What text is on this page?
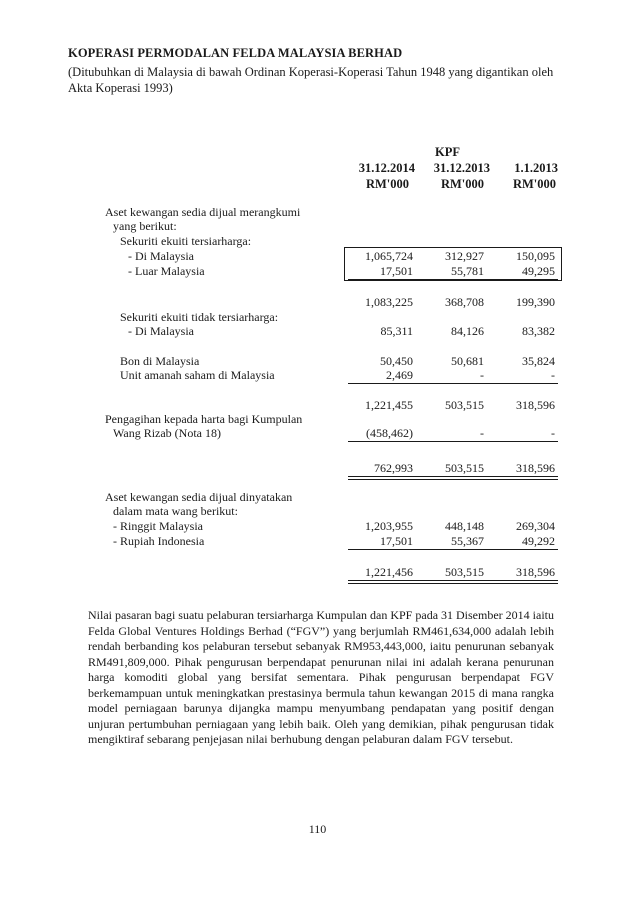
KOPERASI PERMODALAN FELDA MALAYSIA BERHAD
(Ditubuhkan di Malaysia di bawah Ordinan Koperasi-Koperasi Tahun 1948 yang digantikan oleh Akta Koperasi 1993)
KPF
31.12.2014	31.12.2013	1.1.2013
RM'000	RM'000	RM'000
Aset kewangan sedia dijual merangkumi
yang berikut:
Sekuriti ekuiti tersiarharga:
- Di Malaysia	1,065,724	312,927	150,095
- Luar Malaysia	17,501	55,781	49,295
1,083,225	368,708	199,390
Sekuriti ekuiti tidak tersiarharga:
- Di Malaysia	85,311	84,126	83,382
Bon di Malaysia	50,450	50,681	35,824
Unit amanah saham di Malaysia	2,469	-	-
1,221,455	503,515	318,596
Pengagihan kepada harta bagi Kumpulan
Wang Rizab (Nota 18)	(458,462)	-	-
762,993	503,515	318,596
Aset kewangan sedia dijual dinyatakan
dalam mata wang berikut:
- Ringgit Malaysia	1,203,955	448,148	269,304
- Rupiah Indonesia	17,501	55,367	49,292
1,221,456	503,515	318,596
Nilai pasaran bagi suatu pelaburan tersiarharga Kumpulan dan KPF pada 31 Disember 2014 iaitu Felda Global Ventures Holdings Berhad (“FGV”) yang berjumlah RM461,634,000 adalah lebih rendah berbanding kos pelaburan tersebut sebanyak RM953,443,000, iaitu penurunan sebanyak RM491,809,000. Pihak pengurusan berpendapat penurunan nilai ini adalah kerana penurunan harga komoditi global yang bersifat sementara. Pihak pengurusan berpendapat FGV berkemampuan untuk meningkatkan prestasinya bermula tahun kewangan 2015 di mana rangka model perniagaan barunya dijangka mampu menyumbang pendapatan yang positif dengan unjuran pertumbuhan perniagaan yang lebih baik. Oleh yang demikian, pihak pengurusan tidak mengiktiraf sebarang penjejasan nilai berhubung dengan pelaburan dalam FGV tersebut.
110
